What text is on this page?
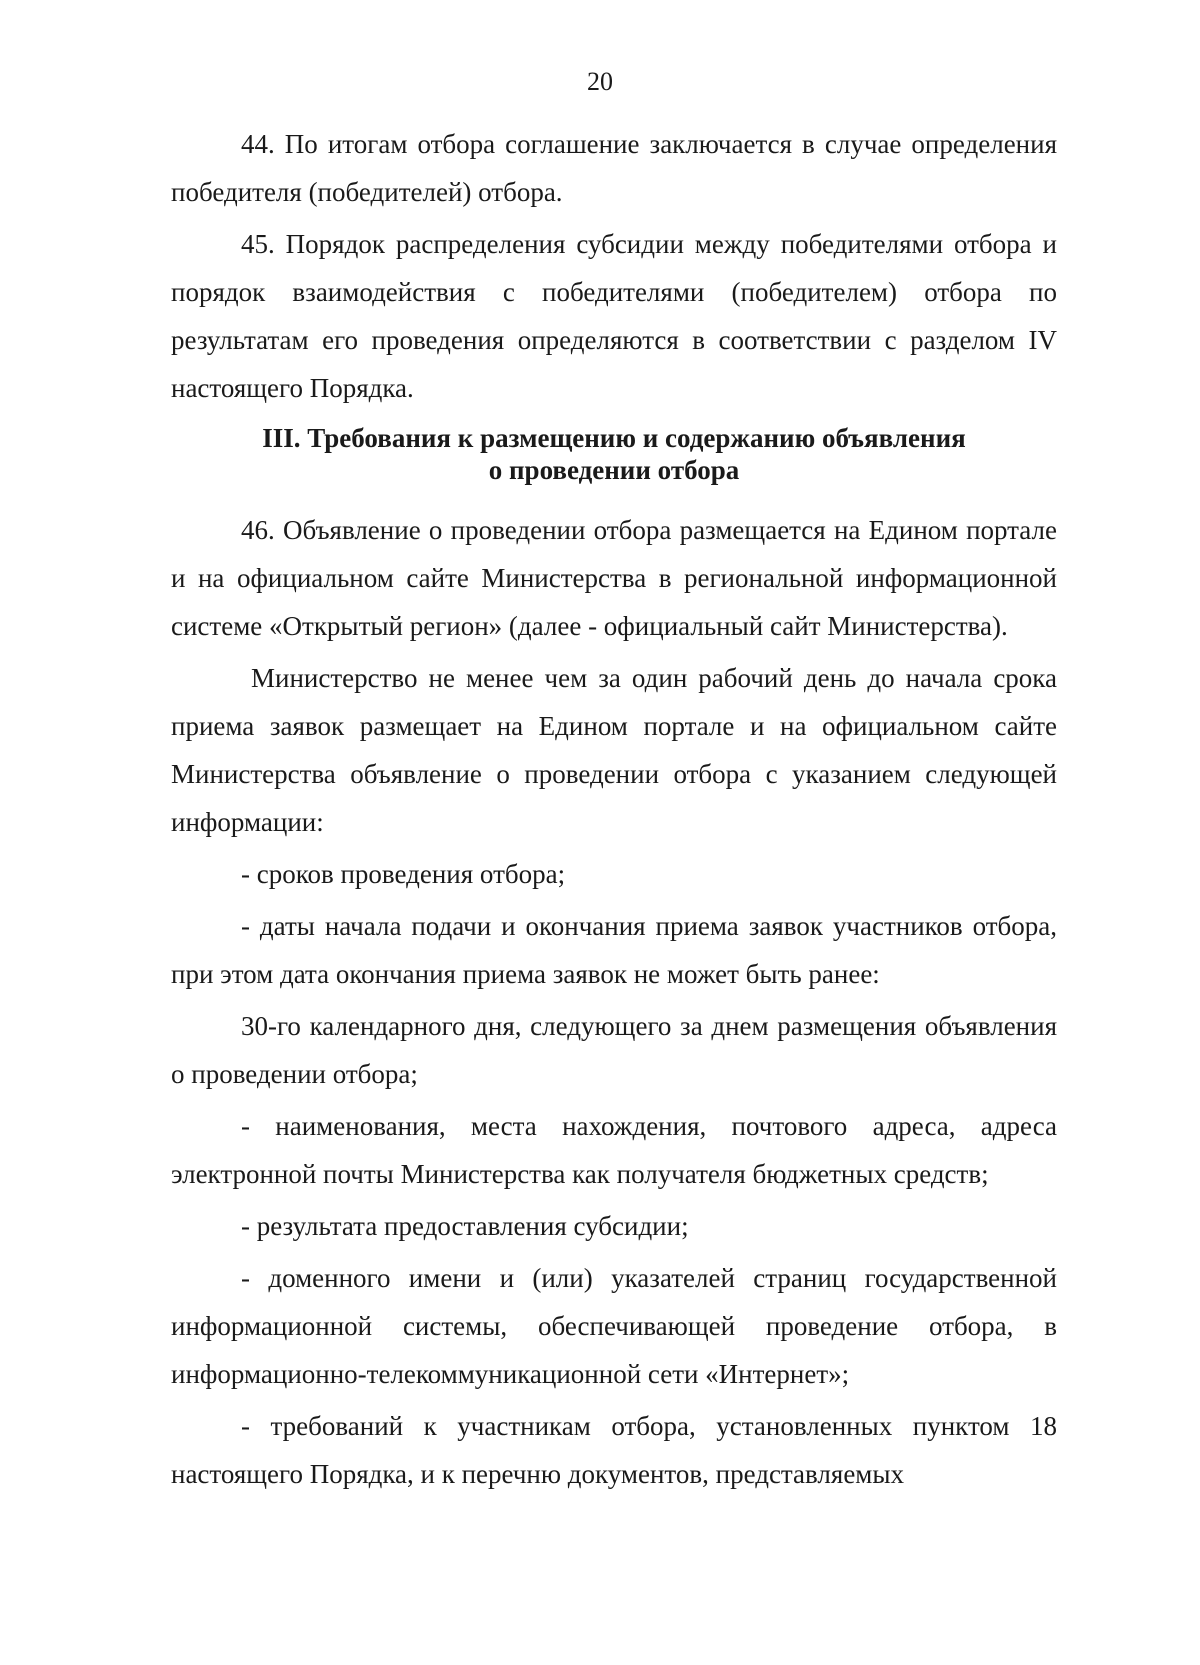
20

44. По итогам отбора соглашение заключается в случае определения победителя (победителей) отбора.

45. Порядок распределения субсидии между победителями отбора и порядок взаимодействия с победителями (победителем) отбора по результатам его проведения определяются в соответствии с разделом IV настоящего Порядка.

III. Требования к размещению и содержанию объявления
о проведении отбора

46. Объявление о проведении отбора размещается на Едином портале и на официальном сайте Министерства в региональной информационной системе «Открытый регион» (далее - официальный сайт Министерства).

Министерство не менее чем за один рабочий день до начала срока приема заявок размещает на Едином портале и на официальном сайте Министерства объявление о проведении отбора с указанием следующей информации:

- сроков проведения отбора;

- даты начала подачи и окончания приема заявок участников отбора, при этом дата окончания приема заявок не может быть ранее:

30-го календарного дня, следующего за днем размещения объявления о проведении отбора;

- наименования, места нахождения, почтового адреса, адреса электронной почты Министерства как получателя бюджетных средств;

- результата предоставления субсидии;

- доменного имени и (или) указателей страниц государственной информационной системы, обеспечивающей проведение отбора, в информационно-телекоммуникационной сети «Интернет»;

- требований к участникам отбора, установленных пунктом 18 настоящего Порядка, и к перечню документов, представляемых
